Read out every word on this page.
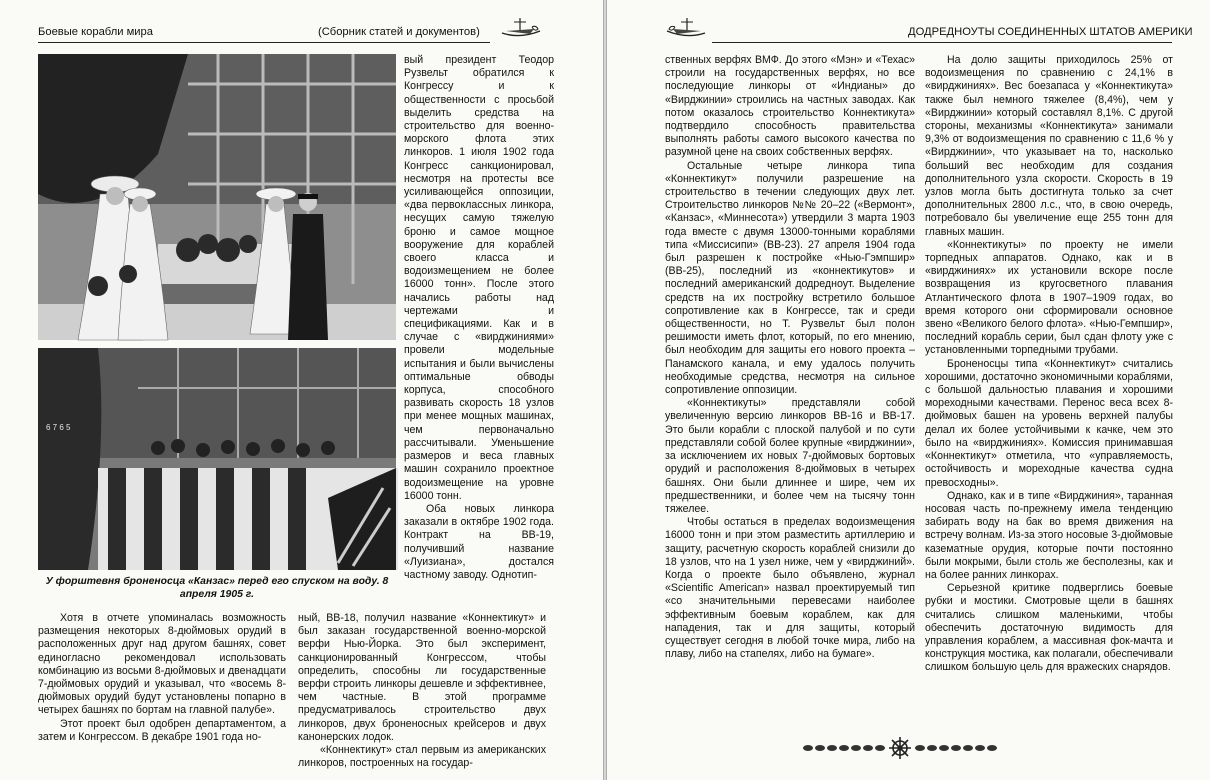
Боевые корабли мира	(Сборник статей и документов)
6 7 6 5
У форштевня броненосца «Канзас» перед его спуском на воду. 8 апреля 1905 г.

вый президент Теодор Рузвельт обратился к Конгрессу и к общественности с просьбой выделить средства на строительство для военно-морского флота этих линкоров. 1 июля 1902 года Конгресс санкционировал, несмотря на протесты все усиливающейся оппозиции, «два первоклассных линкора, несущих самую тяжелую броню и самое мощное вооружение для кораблей своего класса и водоизмещением не более 16000 тонн». После этого начались работы над чертежами и спецификациями. Как и в случае с «вирджиниями» провели модельные испытания и были вычислены оптимальные обводы корпуса, способного развивать скорость 18 узлов при менее мощных машинах, чем первоначально рассчитывали. Уменьшение размеров и веса главных машин сохранило проектное водоизмещение на уровне 16000 тонн.

Оба новых линкора заказали в октябре 1902 года. Контракт на ВВ-19, получивший название «Луизиана», достался частному заводу. Однотип-

Хотя в отчете упоминалась возможность размещения некоторых 8-дюймовых орудий в расположенных друг над другом башнях, совет единогласно рекомендовал использовать комбинацию из восьми 8-дюймовых и двенадцати 7-дюймовых орудий и указывал, что «восемь 8-дюймовых орудий будут установлены попарно в четырех башнях по бортам на главной палубе».

Этот проект был одобрен департаментом, а затем и Конгрессом. В декабре 1901 года но-

ный, ВВ-18, получил название «Коннектикут» и был заказан государственной военно-морской верфи Нью-Йорка. Это был эксперимент, санкционированный Конгрессом, чтобы определить, способны ли государственные верфи строить линкоры дешевле и эффективнее, чем частные. В этой программе предусматривалось строительство двух линкоров, двух броненосных крейсеров и двух канонерских лодок.

«Коннектикут» стал первым из американских линкоров, построенных на государ-

ДОДРЕДНОУТЫ СОЕДИНЕННЫХ ШТАТОВ АМЕРИКИ

ственных верфях ВМФ. До этого «Мэн» и «Техас» строили на государственных верфях, но все последующие линкоры от «Индианы» до «Вирджинии» строились на частных заводах. Как потом оказалось строительство Коннектикута» подтвердило способность правительства выполнять работы самого высокого качества по разумной цене на своих собственных верфях.

Остальные четыре линкора типа «Коннектикут» получили разрешение на строительство в течении следующих двух лет. Строительство линкоров №№ 20–22 («Вермонт», «Канзас», «Миннесота») утвердили 3 марта 1903 года вместе с двумя 13000-тонными кораблями типа «Миссисипи» (ВВ-23). 27 апреля 1904 года был разрешен к постройке «Нью-Гэмпшир» (ВВ-25), последний из «коннектикутов» и последний американский додредноут. Выделение средств на их постройку встретило большое сопротивление как в Конгрессе, так и среди общественности, но Т. Рузвельт был полон решимости иметь флот, который, по его мнению, был необходим для защиты его нового проекта – Панамского канала, и ему удалось получить необходимые средства, несмотря на сильное сопротивление оппозиции.

«Коннектикуты» представляли собой увеличенную версию линкоров ВВ-16 и ВВ-17. Это были корабли с плоской палубой и по сути представляли собой более крупные «вирджинии», за исключением их новых 7-дюймовых бортовых орудий и расположения 8-дюймовых в четырех башнях. Они были длиннее и шире, чем их предшественники, и более чем на тысячу тонн тяжелее.

Чтобы остаться в пределах водоизмещения 16000 тонн и при этом разместить артиллерию и защиту, расчетную скорость кораблей снизили до 18 узлов, что на 1 узел ниже, чем у «вирджиний». Когда о проекте было объявлено, журнал «Scientific American» назвал проектируемый тип «со значительными перевесами наиболее эффективным боевым кораблем, как для нападения, так и для защиты, который существует сегодня в любой точке мира, либо на плаву, либо на стапелях, либо на бумаге».

На долю защиты приходилось 25% от водоизмещения по сравнению с 24,1% в «вирджиниях». Вес боезапаса у «Коннектикута» также был немного тяжелее (8,4%), чем у «Вирджинии» который составлял 8,1%. С другой стороны, механизмы «Коннектикута» занимали 9,3% от водоизмещения по сравнению с 11,6 % у «Вирджинии», что указывает на то, насколько больший вес необходим для создания дополнительного узла скорости. Скорость в 19 узлов могла быть достигнута только за счет дополнительных 2800 л.с., что, в свою очередь, потребовало бы увеличение еще 255 тонн для главных машин.

«Коннектикуты» по проекту не имели торпедных аппаратов. Однако, как и в «вирджиниях» их установили вскоре после возвращения из кругосветного плавания Атлантического флота в 1907–1909 годах, во время которого они сформировали основное звено «Великого белого флота». «Нью-Гемпшир», последний корабль серии, был сдан флоту уже с установленными торпедными трубами.

Броненосцы типа «Коннектикут» считались хорошими, достаточно экономичными кораблями, с большой дальностью плавания и хорошими мореходными качествами. Перенос веса всех 8-дюймовых башен на уровень верхней палубы делал их более устойчивыми к качке, чем это было на «вирджиниях». Комиссия принимавшая «Коннектикут» отметила, что «управляемость, остойчивость и мореходные качества судна превосходны».

Однако, как и в типе «Вирджиния», таранная носовая часть по-прежнему имела тенденцию забирать воду на бак во время движения на встречу волнам. Из-за этого носовые 3-дюймовые казематные орудия, которые почти постоянно были мокрыми, были столь же бесполезны, как и на более ранних линкорах.

Серьезной критике подверглись боевые рубки и мостики. Смотровые щели в башнях считались слишком маленькими, чтобы обеспечить достаточную видимость для управления кораблем, а массивная фок-мачта и конструкция мостика, как полагали, обеспечивали слишком большую цель для вражеских снарядов.
